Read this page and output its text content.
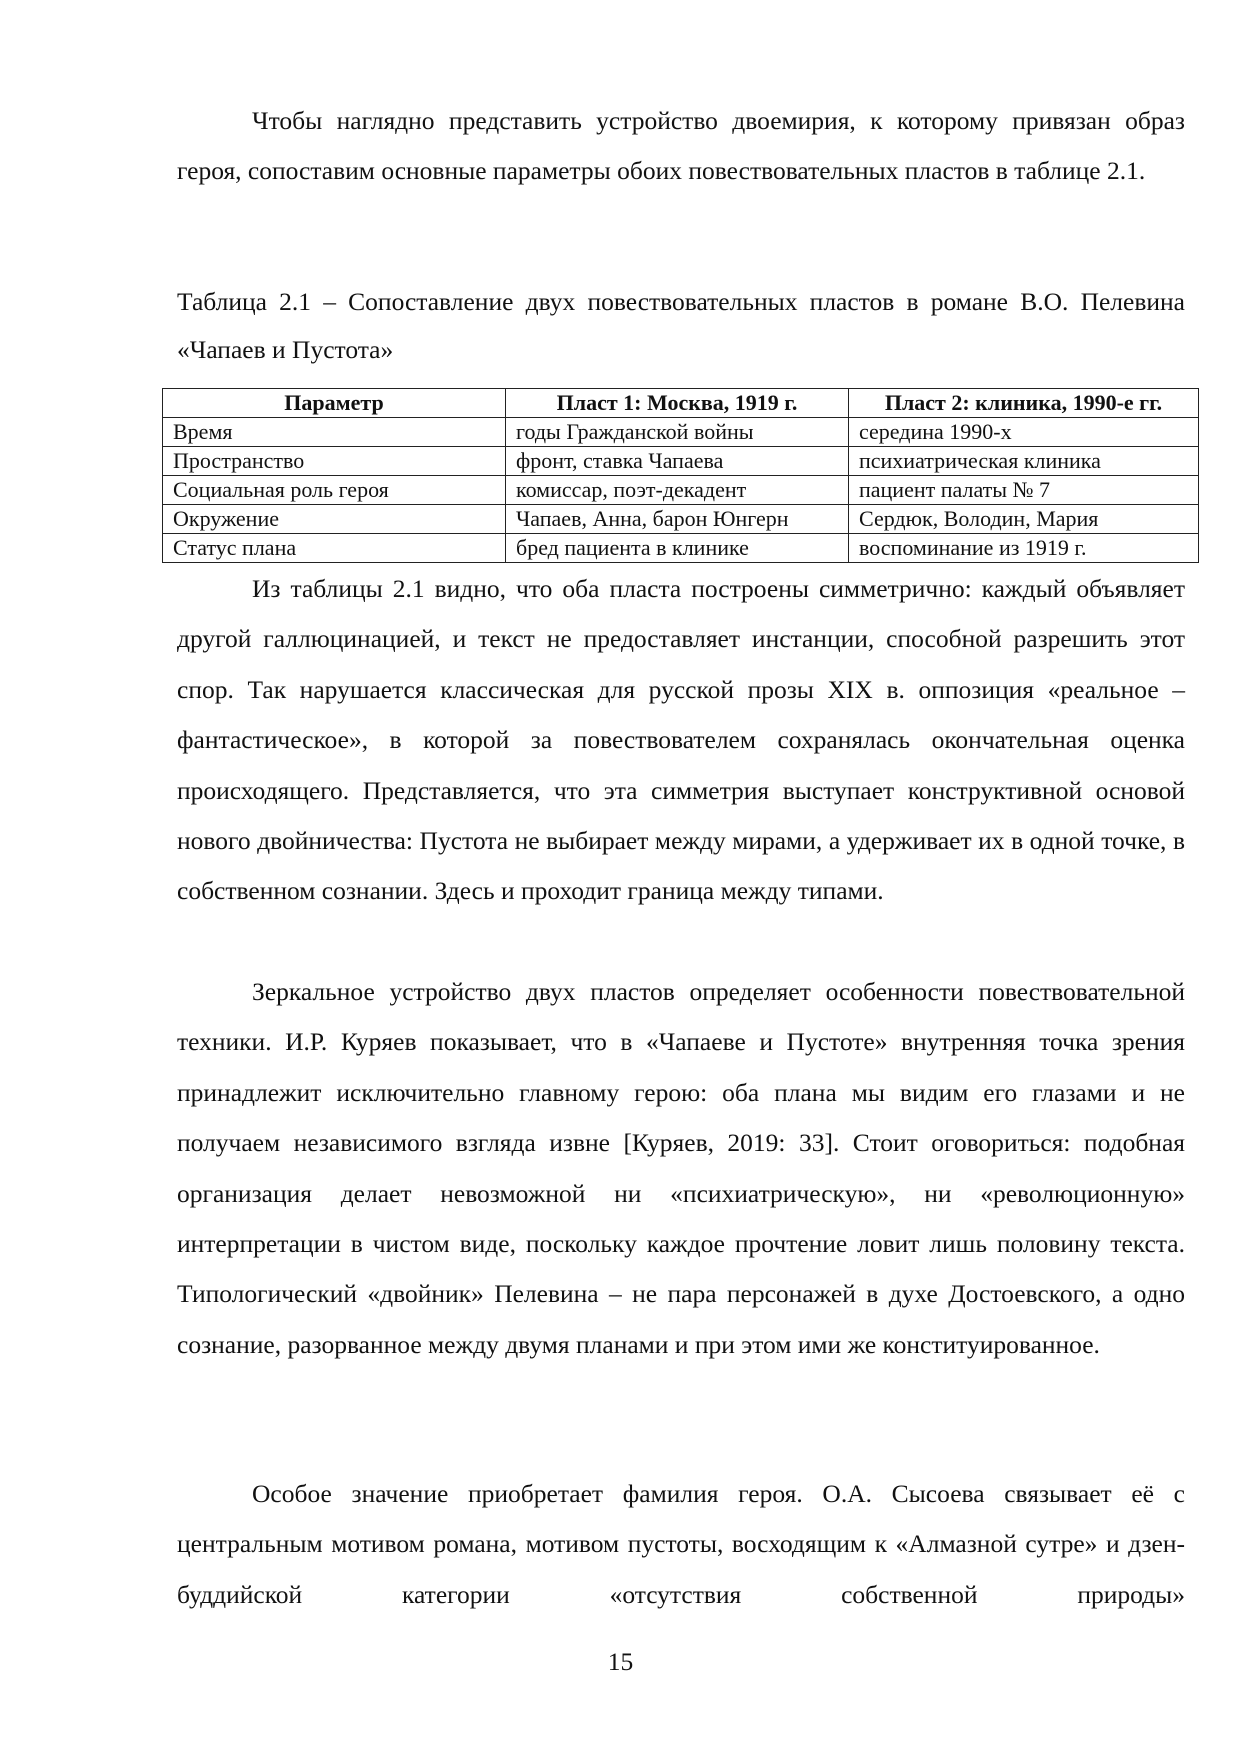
Чтобы наглядно представить устройство двоемирия, к которому привязан образ героя, сопоставим основные параметры обоих повествовательных пластов в таблице 2.1.

Таблица 2.1 – Сопоставление двух повествовательных пластов в романе В.О. Пелевина «Чапаев и Пустота»

Параметр	Пласт 1: Москва, 1919 г.	Пласт 2: клиника, 1990-е гг.
Время	годы Гражданской войны	середина 1990-х
Пространство	фронт, ставка Чапаева	психиатрическая клиника
Социальная роль героя	комиссар, поэт-декадент	пациент палаты № 7
Окружение	Чапаев, Анна, барон Юнгерн	Сердюк, Володин, Мария
Статус плана	бред пациента в клинике	воспоминание из 1919 г.

Из таблицы 2.1 видно, что оба пласта построены симметрично: каждый объявляет другой галлюцинацией, и текст не предоставляет инстанции, способной разрешить этот спор. Так нарушается классическая для русской прозы XIX в. оппозиция «реальное – фантастическое», в которой за повествователем сохранялась окончательная оценка происходящего. Представляется, что эта симметрия выступает конструктивной основой нового двойничества: Пустота не выбирает между мирами, а удерживает их в одной точке, в собственном сознании. Здесь и проходит граница между типами.

Зеркальное устройство двух пластов определяет особенности повествовательной техники. И.Р. Куряев показывает, что в «Чапаеве и Пустоте» внутренняя точка зрения принадлежит исключительно главному герою: оба плана мы видим его глазами и не получаем независимого взгляда извне [Куряев, 2019: 33]. Стоит оговориться: подобная организация делает невозможной ни «психиатрическую», ни «революционную» интерпретации в чистом виде, поскольку каждое прочтение ловит лишь половину текста. Типологический «двойник» Пелевина – не пара персонажей в духе Достоевского, а одно сознание, разорванное между двумя планами и при этом ими же конституированное.

Особое значение приобретает фамилия героя. О.А. Сысоева связывает её с центральным мотивом романа, мотивом пустоты, восходящим к «Алмазной сутре» и дзен-буддийской категории «отсутствия собственной природы»

15
